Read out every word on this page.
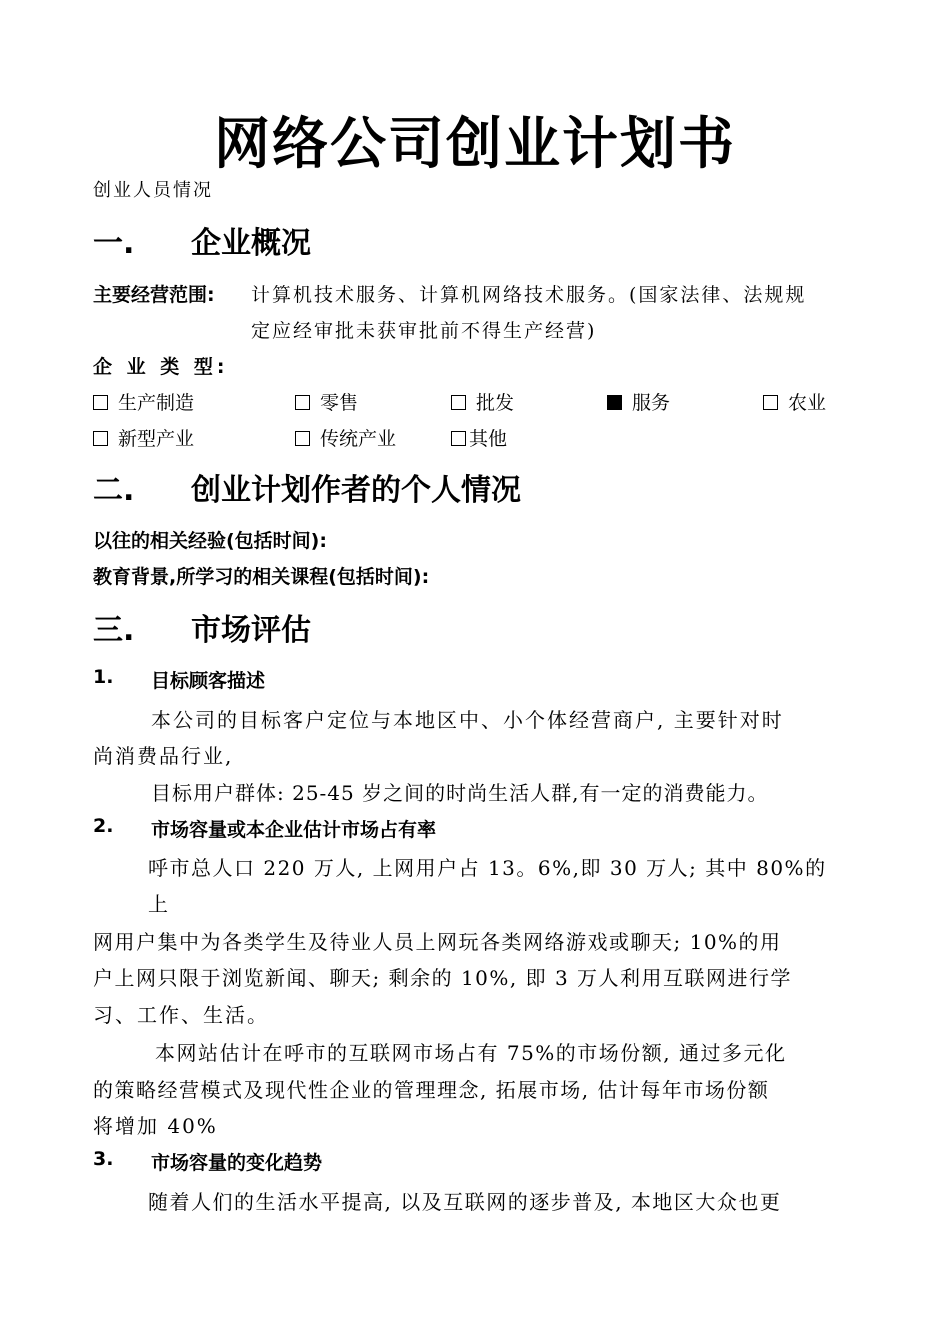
网络公司创业计划书
创业人员情况
一. 企业概况
主要经营范围: 计算机技术服务、计算机网络技术服务。(国家法律、法规规
定应经审批未获审批前不得生产经营)
企 业 类 型:
生产制造	零售	批发	服务	农业
新型产业	传统产业	其他
二. 创业计划作者的个人情况
以往的相关经验(包括时间):
教育背景,所学习的相关课程(包括时间):
三. 市场评估
1. 目标顾客描述
本公司的目标客户定位与本地区中、小个体经营商户, 主要针对时
尚消费品行业,
目标用户群体: 25-45 岁之间的时尚生活人群,有一定的消费能力。
2. 市场容量或本企业估计市场占有率
呼市总人口 220 万人, 上网用户占 13。6%,即 30 万人; 其中 80%的
上
网用户集中为各类学生及待业人员上网玩各类网络游戏或聊天; 10%的用
户上网只限于浏览新闻、聊天; 剩余的 10%, 即 3 万人利用互联网进行学
习、工作、生活。
本网站估计在呼市的互联网市场占有 75%的市场份额, 通过多元化
的策略经营模式及现代性企业的管理理念, 拓展市场, 估计每年市场份额
将增加 40%
3. 市场容量的变化趋势
随着人们的生活水平提高, 以及互联网的逐步普及, 本地区大众也更
